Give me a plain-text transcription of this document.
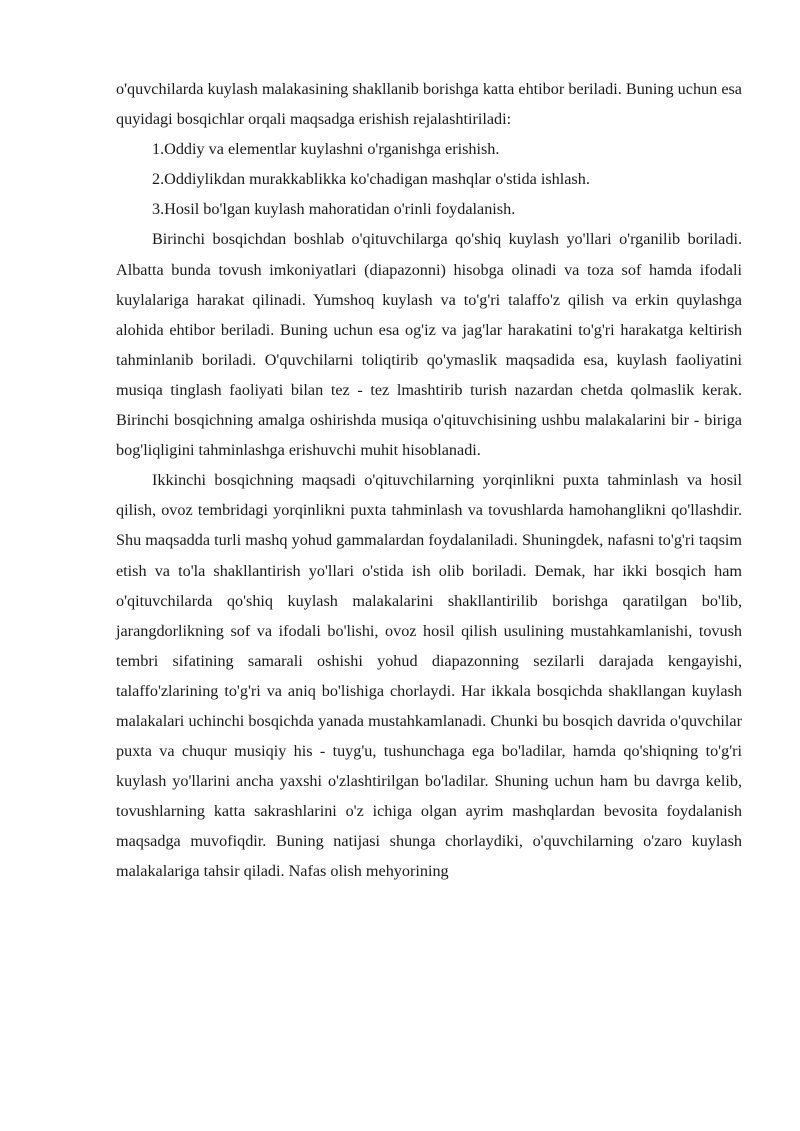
o'quvchilarda kuylash malakasining shakllanib borishga katta ehtibor beriladi. Buning uchun esa quyidagi bosqichlar orqali maqsadga erishish rejalashtiriladi:

1.Oddiy va elementlar kuylashni o'rganishga erishish.

2.Oddiylikdan murakkablikka ko'chadigan mashqlar o'stida ishlash.

3.Hosil bo'lgan kuylash mahoratidan o'rinli foydalanish.

Birinchi bosqichdan boshlab o'qituvchilarga qo'shiq kuylash yo'llari o'rganilib boriladi. Albatta bunda tovush imkoniyatlari (diapazonni) hisobga olinadi va toza sof hamda ifodali kuylalariga harakat qilinadi. Yumshoq kuylash va to'g'ri talaffo'z qilish va erkin quylashga alohida ehtibor beriladi. Buning uchun esa og'iz va jag'lar harakatini to'g'ri harakatga keltirish tahminlanib boriladi. O'quvchilarni toliqtirib qo'ymaslik maqsadida esa, kuylash faoliyatini musiqa tinglash faoliyati bilan tez - tez lmashtirib turish nazardan chetda qolmaslik kerak. Birinchi bosqichning amalga oshirishda musiqa o'qituvchisining ushbu malakalarini bir - biriga bog'liqligini tahminlashga erishuvchi muhit hisoblanadi.

Ikkinchi bosqichning maqsadi o'qituvchilarning yorqinlikni puxta tahminlash va hosil qilish, ovoz tembridagi yorqinlikni puxta tahminlash va tovushlarda hamohanglikni qo'llashdir. Shu maqsadda turli mashq yohud gammalardan foydalaniladi. Shuningdek, nafasni to'g'ri taqsim etish va to'la shakllantirish yo'llari o'stida ish olib boriladi. Demak, har ikki bosqich ham o'qituvchilarda qo'shiq kuylash malakalarini shakllantirilib borishga qaratilgan bo'lib, jarangdorlikning sof va ifodali bo'lishi, ovoz hosil qilish usulining mustahkamlanishi, tovush tembri sifatining samarali oshishi yohud diapazonning sezilarli darajada kengayishi, talaffo'zlarining to'g'ri va aniq bo'lishiga chorlaydi. Har ikkala bosqichda shakllangan kuylash malakalari uchinchi bosqichda yanada mustahkamlanadi. Chunki bu bosqich davrida o'quvchilar puxta va chuqur musiqiy his - tuyg'u, tushunchaga ega bo'ladilar, hamda qo'shiqning to'g'ri kuylash yo'llarini ancha yaxshi o'zlashtirilgan bo'ladilar. Shuning uchun ham bu davrga kelib, tovushlarning katta sakrashlarini o'z ichiga olgan ayrim mashqlardan bevosita foydalanish maqsadga muvofiqdir. Buning natijasi shunga chorlaydiki, o'quvchilarning o'zaro kuylash malakalariga tahsir qiladi. Nafas olish mehyorining
